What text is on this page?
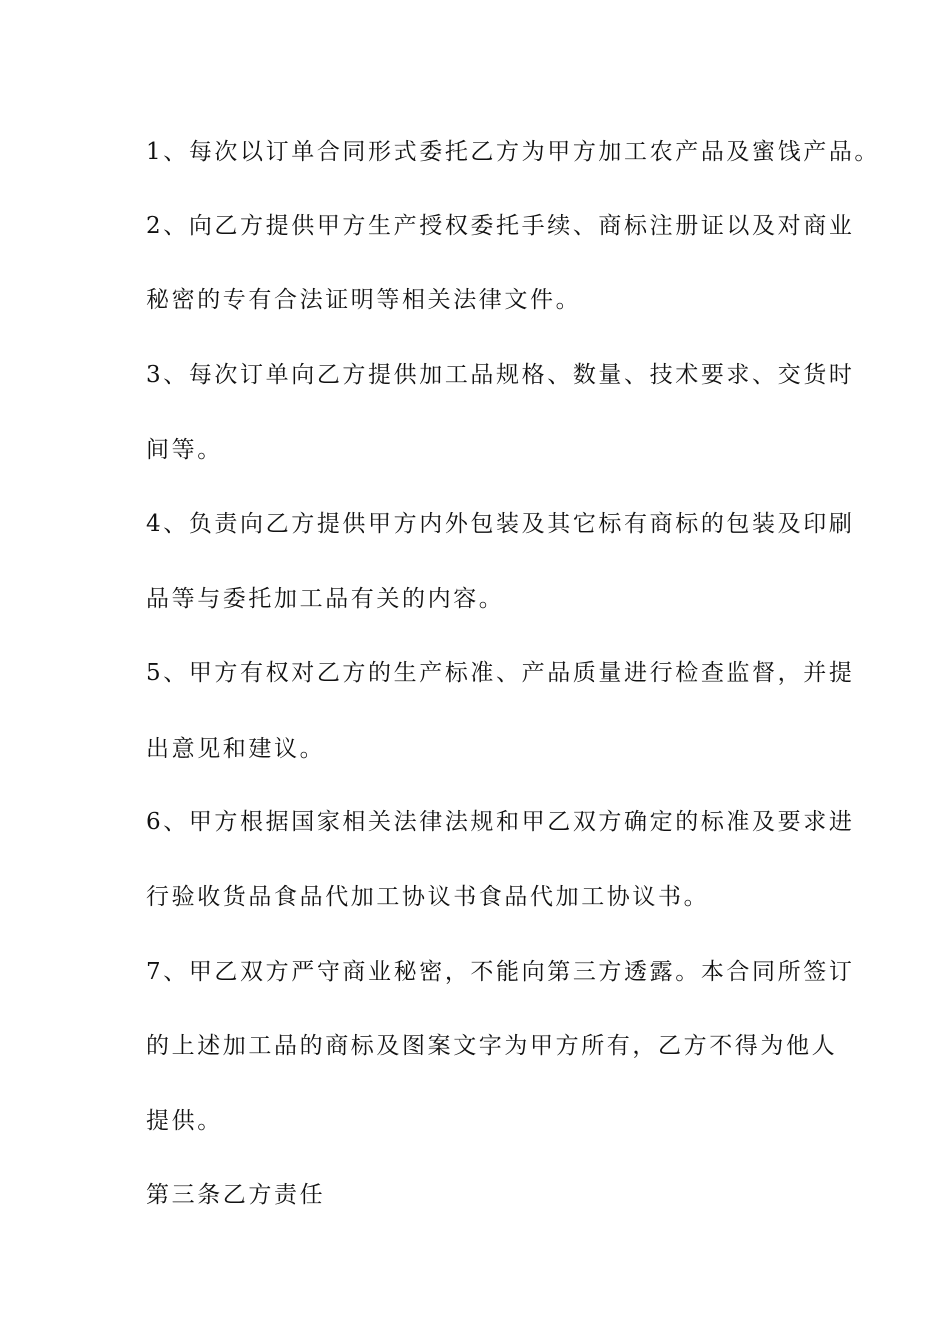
1、每次以订单合同形式委托乙方为甲方加工农产品及蜜饯产品。
2、向乙方提供甲方生产授权委托手续、商标注册证以及对商业
秘密的专有合法证明等相关法律文件。
3、每次订单向乙方提供加工品规格、数量、技术要求、交货时
间等。
4、负责向乙方提供甲方内外包装及其它标有商标的包装及印刷
品等与委托加工品有关的内容。
5、甲方有权对乙方的生产标准、产品质量进行检查监督，并提
出意见和建议。
6、甲方根据国家相关法律法规和甲乙双方确定的标准及要求进
行验收货品食品代加工协议书食品代加工协议书。
7、甲乙双方严守商业秘密，不能向第三方透露。本合同所签订
的上述加工品的商标及图案文字为甲方所有，乙方不得为他人
提供。
第三条乙方责任
